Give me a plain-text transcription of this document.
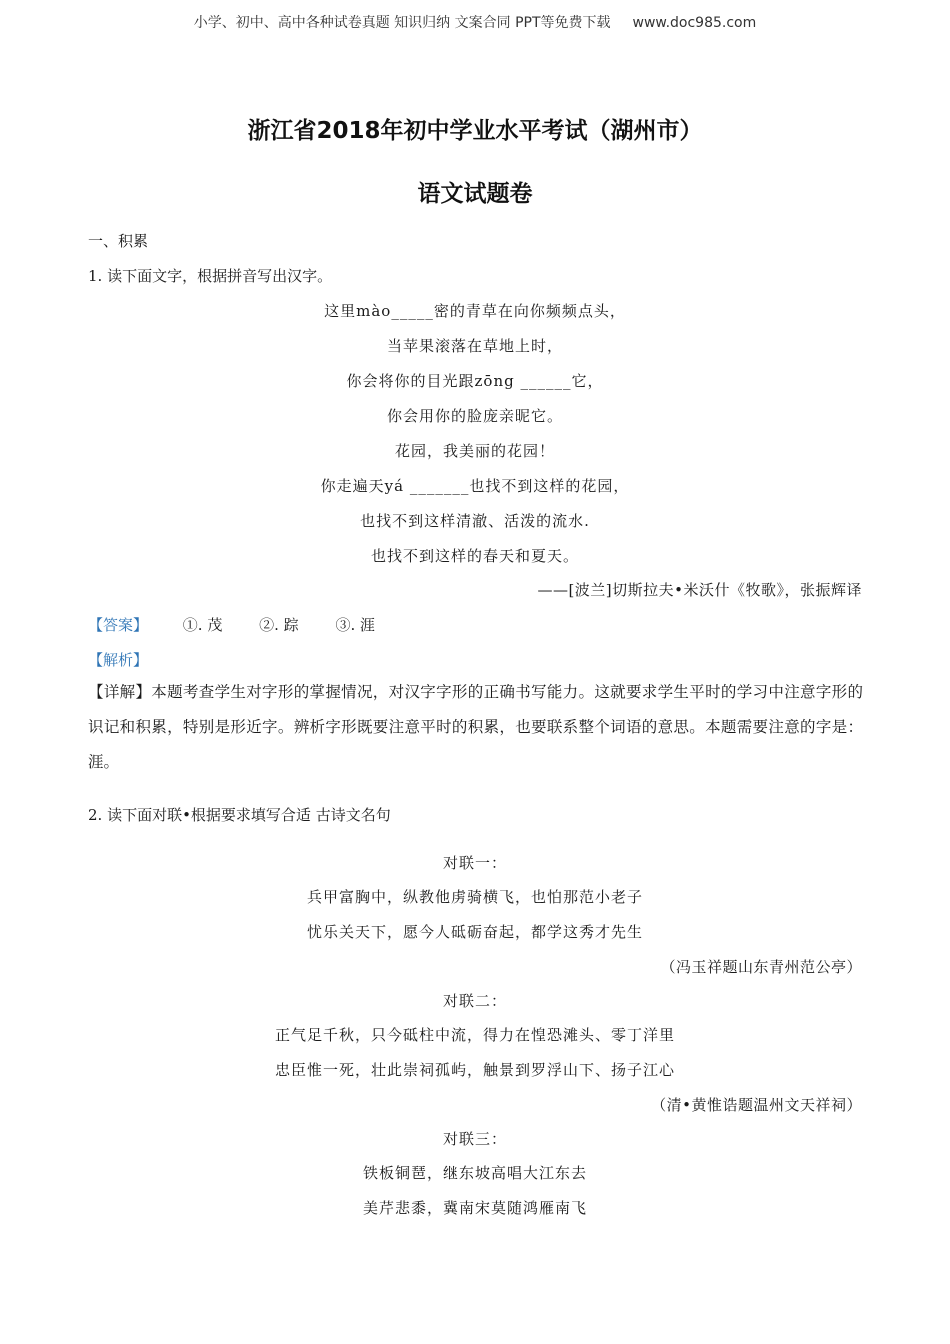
小学、初中、高中各种试卷真题 知识归纳 文案合同 PPT等免费下载 www.doc985.com
浙江省2018年初中学业水平考试（湖州市）
语文试题卷
一、积累
1. 读下面文字，根据拼音写出汉字。
这里màо_____密的青草在向你频频点头，
当苹果滚落在草地上时，
你会将你的目光跟zōng ______它，
你会用你的脸庞亲昵它。
花园，我美丽的花园！
你走遍天yá _______也找不到这样的花园，
也找不到这样清澈、活泼的流水.
也找不到这样的春天和夏天。
——[波兰]切斯拉夫•米沃什《牧歌》，张振辉译
【答案】 ①. 茂 ②. 踪 ③. 涯
【解析】
【详解】本题考查学生对字形的掌握情况，对汉字字形的正确书写能力。这就要求学生平时的学习中注意字形的识记和积累，特别是形近字。辨析字形既要注意平时的积累，也要联系整个词语的意思。本题需要注意的字是：涯。
2. 读下面对联•根据要求填写合适 古诗文名句
对联一：
兵甲富胸中，纵教他虏骑横飞，也怕那范小老子
忧乐关天下，愿今人砥砺奋起，都学这秀才先生
（冯玉祥题山东青州范公亭）
对联二：
正气足千秋，只今砥柱中流，得力在惶恐滩头、零丁洋里
忠臣惟一死，壮此崇祠孤屿，触景到罗浮山下、扬子江心
（清•黄惟诰题温州文天祥祠）
对联三：
铁板铜琶，继东坡高唱大江东去
美芹悲黍，冀南宋莫随鸿雁南飞
